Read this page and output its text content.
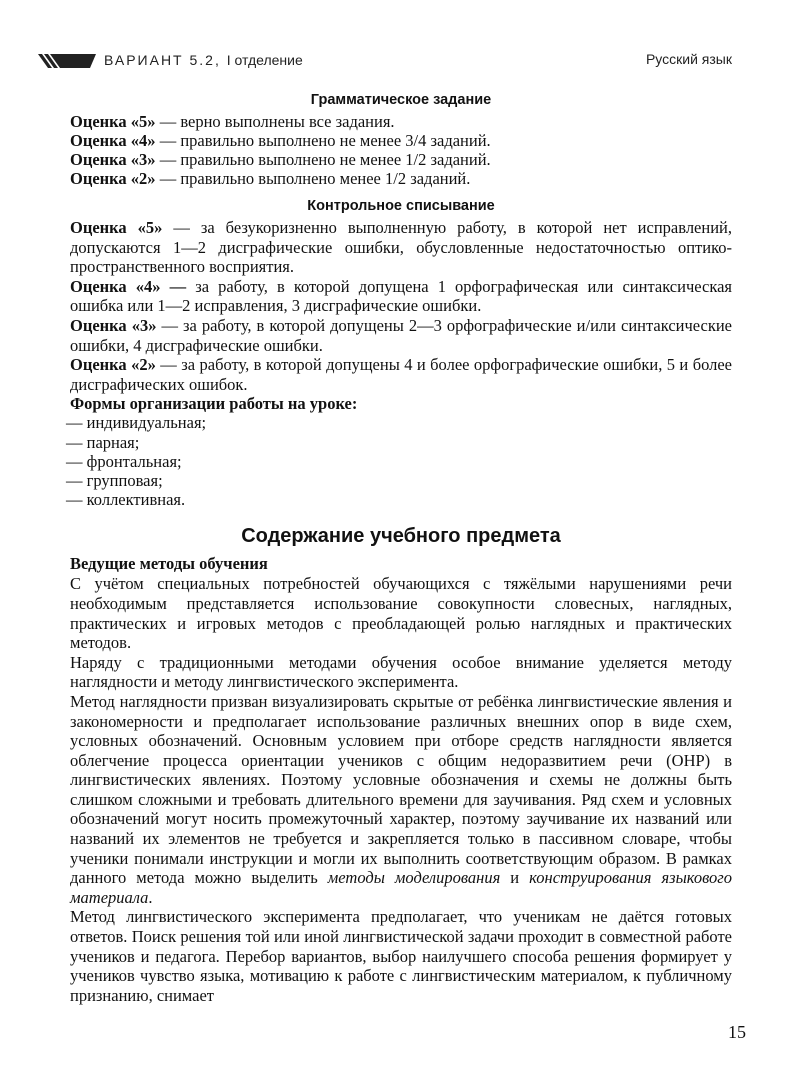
ВАРИАНТ 5.2, I отделение	Русский язык
Грамматическое задание
Оценка «5» — верно выполнены все задания.
Оценка «4» — правильно выполнено не менее 3/4 заданий.
Оценка «3» — правильно выполнено не менее 1/2 заданий.
Оценка «2» — правильно выполнено менее 1/2 заданий.
Контрольное списывание

Оценка «5» — за безукоризненно выполненную работу, в которой нет исправлений, допускаются 1—2 дисграфические ошибки, обусловленные недостаточностью оптико-пространственного восприятия.

Оценка «4» — за работу, в которой допущена 1 орфографическая или синтаксическая ошибка или 1—2 исправления, 3 дисграфические ошибки.

Оценка «3» — за работу, в которой допущены 2—3 орфографические и/или синтаксические ошибки, 4 дисграфические ошибки.

Оценка «2» — за работу, в которой допущены 4 и более орфографические ошибки, 5 и более дисграфических ошибок.

Формы организации работы на уроке:
— индивидуальная;
— парная;
— фронтальная;
— групповая;
— коллективная.
Содержание учебного предмета
Ведущие методы обучения

С учётом специальных потребностей обучающихся с тяжёлыми нарушениями речи необходимым представляется использование совокупности словесных, наглядных, практических и игровых методов с преобладающей ролью наглядных и практических методов.

Наряду с традиционными методами обучения особое внимание уделяется методу наглядности и методу лингвистического эксперимента.

Метод наглядности призван визуализировать скрытые от ребёнка лингвистические явления и закономерности и предполагает использование различных внешних опор в виде схем, условных обозначений. Основным условием при отборе средств наглядности является облегчение процесса ориентации учеников с общим недоразвитием речи (ОНР) в лингвистических явлениях. Поэтому условные обозначения и схемы не должны быть слишком сложными и требовать длительного времени для заучивания. Ряд схем и условных обозначений могут носить промежуточный характер, поэтому заучивание их названий или названий их элементов не требуется и закрепляется только в пассивном словаре, чтобы ученики понимали инструкции и могли их выполнить соответствующим образом. В рамках данного метода можно выделить методы моделирования и конструирования языкового материала.

Метод лингвистического эксперимента предполагает, что ученикам не даётся готовых ответов. Поиск решения той или иной лингвистической задачи проходит в совместной работе учеников и педагога. Перебор вариантов, выбор наилучшего способа решения формирует у учеников чувство языка, мотивацию к работе с лингвистическим материалом, к публичному признанию, снимает

15
